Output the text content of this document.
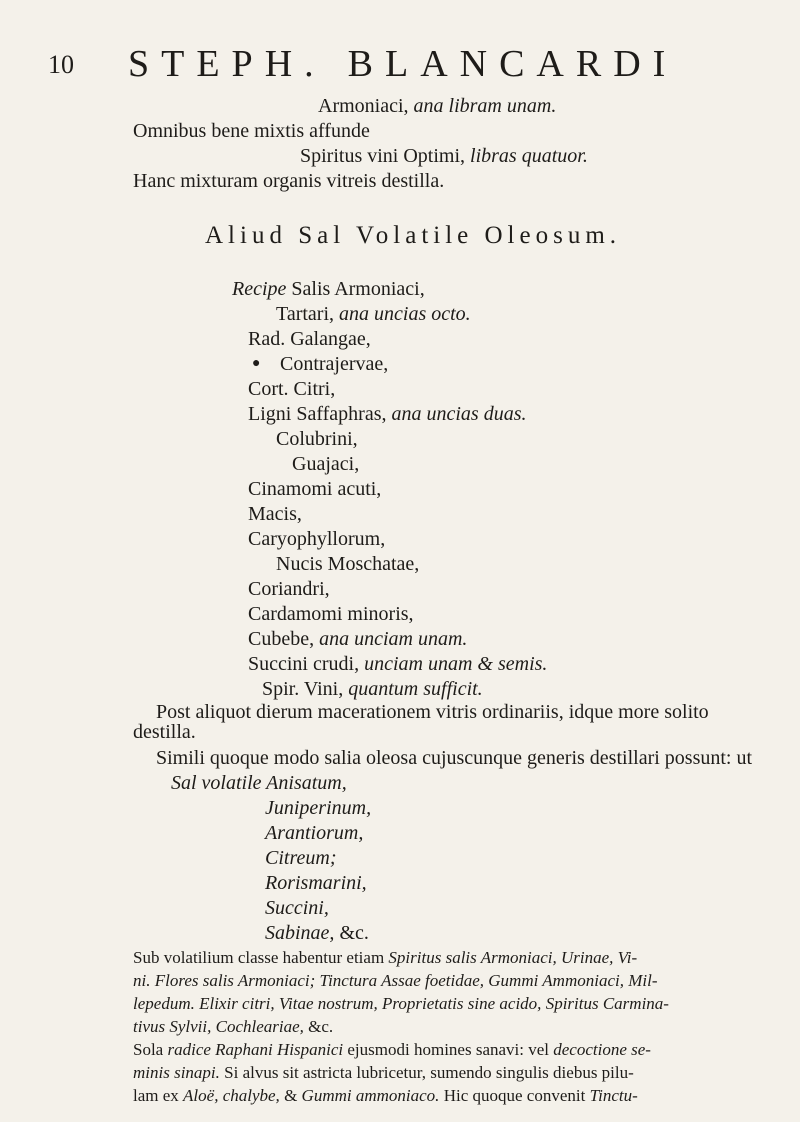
10 STEPH. BLANCARDI
Armoniaci, ana libram unam.
Omnibus bene mixtis affunde
Spiritus vini Optimi, libras quatuor.
Hanc mixturam organis vitreis destilla.
Aliud Sal Volatile Oleosum.
Recipe Salis Armoniaci,
Tartari, ana uncias octo.
Rad. Galangae,
● Contrajervae,
Cort. Citri,
Ligni Saffaphras, ana uncias duas.
Colubrini,
Guajaci,
Cinamomi acuti,
Macis,
Caryophyllorum,
Nucis Moschatae,
Coriandri,
Cardamomi minoris,
Cubebe, ana unciam unam.
Succini crudi, unciam unam & semis.
Spir. Vini, quantum sufficit.
Post aliquot dierum macerationem vitris ordinariis, idque more solito
destilla.
Simili quoque modo salia oleosa cujuscunque generis destillari possunt: ut
Sal volatile Anisatum,
Juniperinum,
Arantiorum,
Citreum;
Rorismarini,
Succini,
Sabinae, &c.
Sub volatilium classe habentur etiam Spiritus salis Armoniaci, Urinae, Vi-
ni. Flores salis Armoniaci; Tinctura Assae foetidae, Gummi Ammoniaci, Mil-
lepedum. Elixir citri, Vitae nostrum, Proprietatis sine acido, Spiritus Carmina-
tivus Sylvii, Cochleariae, &c.
Sola radice Raphani Hispanici ejusmodi homines sanavi: vel decoctione se-
minis sinapi. Si alvus sit astricta lubricetur, sumendo singulis diebus pilu-
lam ex Aloë, chalybe, & Gummi ammoniaco. Hic quoque convenit Tinctu-
